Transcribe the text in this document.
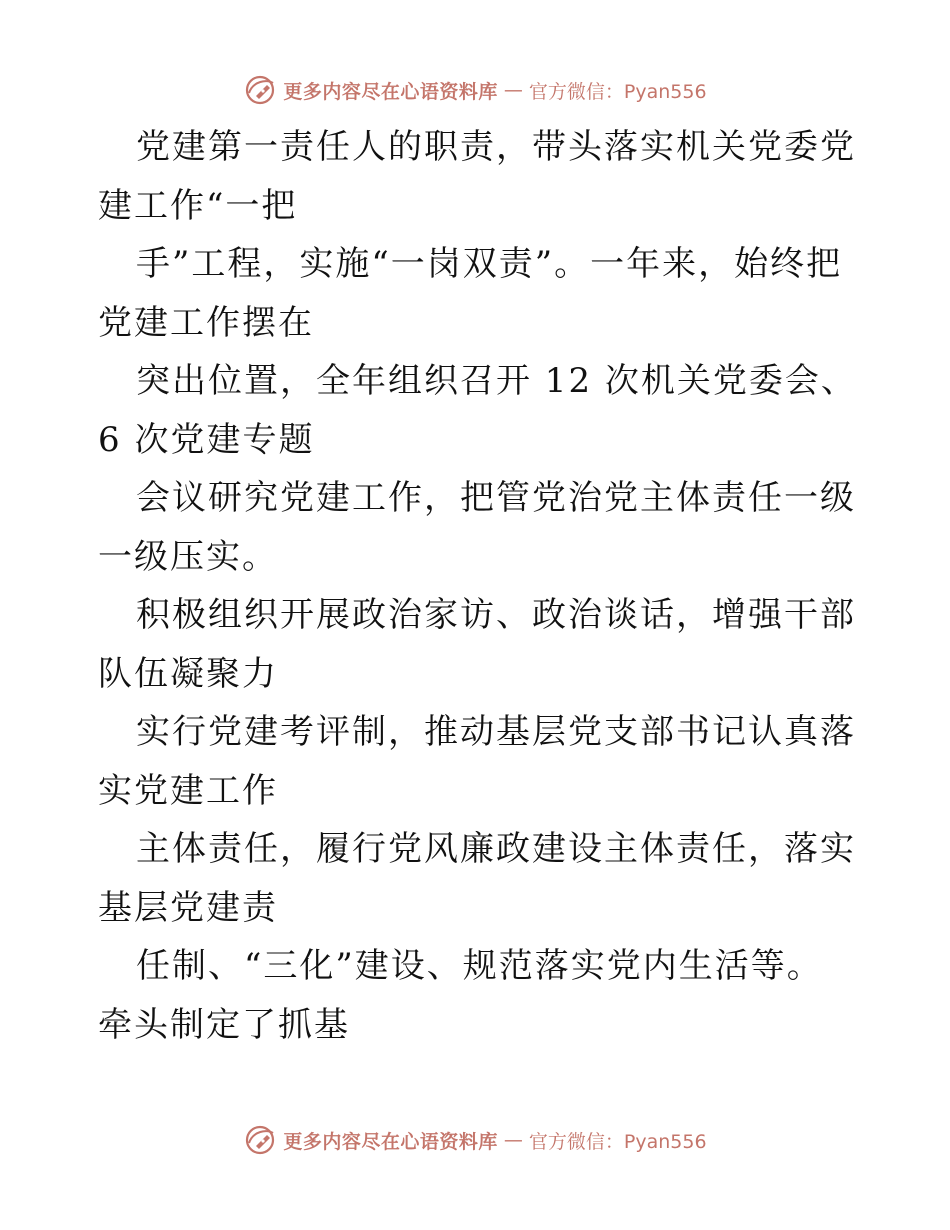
更多内容尽在心语资料库 — 官方微信：Pyan556

党建第一责任人的职责，带头落实机关党委党建工作“一把

手”工程，实施“一岗双责”。一年来，始终把党建工作摆在

突出位置，全年组织召开 12 次机关党委会、6 次党建专题

会议研究党建工作，把管党治党主体责任一级一级压实。

积极组织开展政治家访、政治谈话，增强干部队伍凝聚力

实行党建考评制，推动基层党支部书记认真落实党建工作

主体责任，履行党风廉政建设主体责任，落实基层党建责

任制、“三化”建设、规范落实党内生活等。牵头制定了抓基

更多内容尽在心语资料库 — 官方微信：Pyan556
